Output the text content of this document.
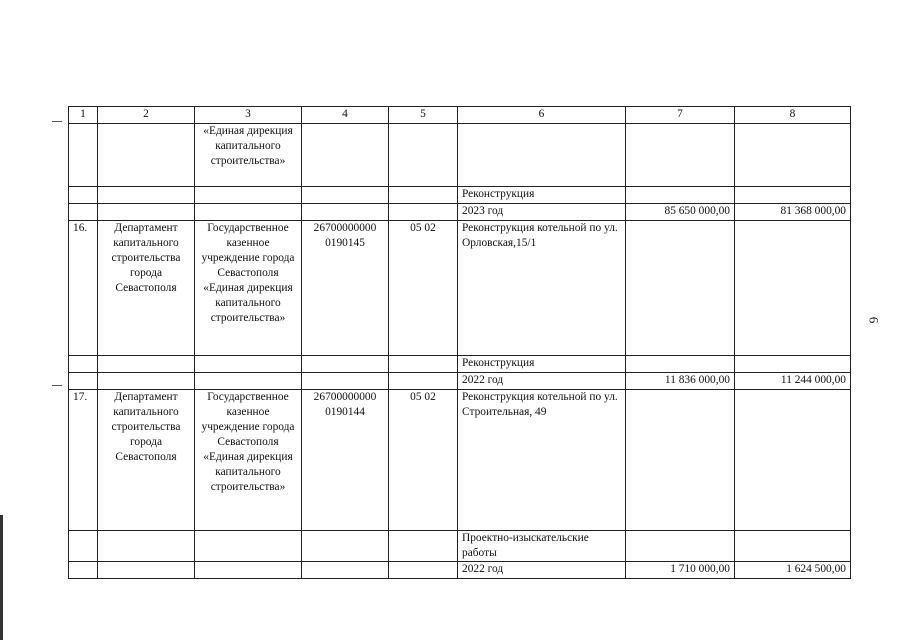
6
1	2	3	4	5	6	7	8
		«Единая дирекция капитального строительства»					
					Реконструкция		
					2023 год	85 650 000,00	81 368 000,00
16.	Департамент капитального строительства города Севастополя	Государственное казенное учреждение города Севастополя «Единая дирекция капитального строительства»	26700000000 0190145	05 02	Реконструкция котельной по ул. Орловская,15/1		
					Реконструкция		
					2022 год	11 836 000,00	11 244 000,00
17.	Департамент капитального строительства города Севастополя	Государственное казенное учреждение города Севастополя «Единая дирекция капитального строительства»	26700000000 0190144	05 02	Реконструкция котельной по ул. Строительная, 49		
					Проектно-изыскательские работы		
					2022 год	1 710 000,00	1 624 500,00
